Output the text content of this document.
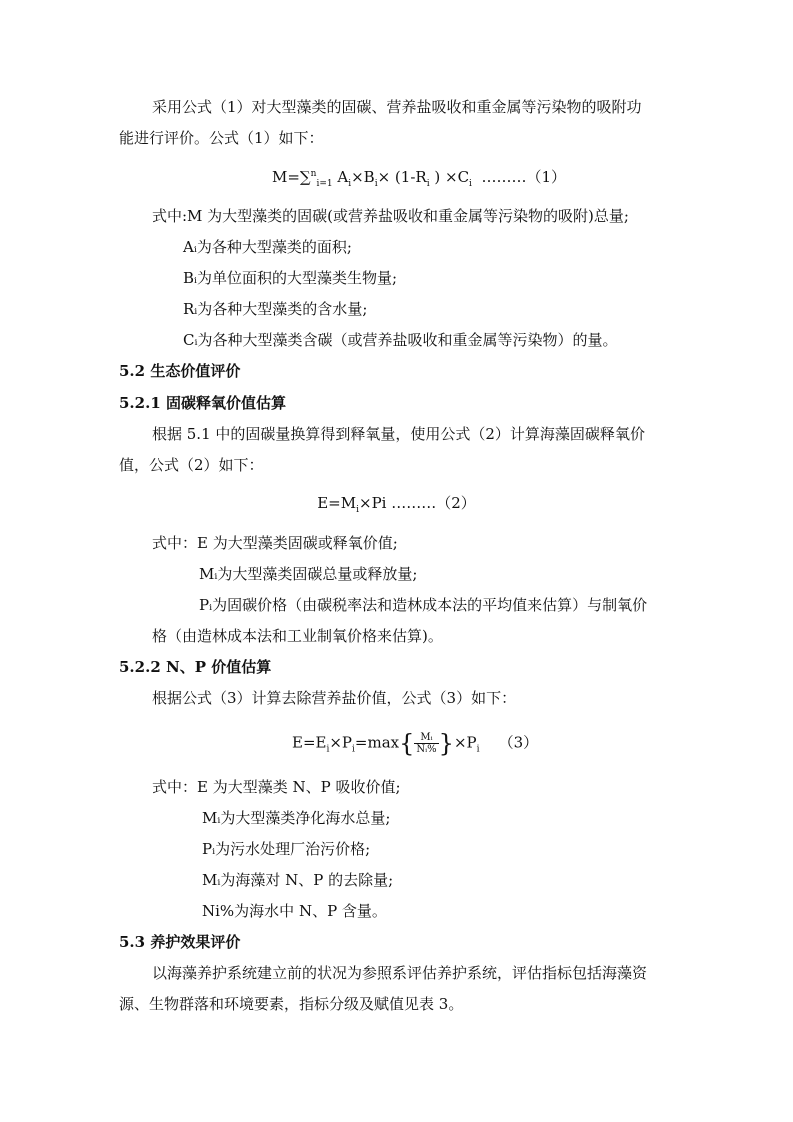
采用公式（1）对大型藻类的固碳、营养盐吸收和重金属等污染物的吸附功
能进行评价。公式（1）如下：
M=∑$^n_{i=1}$ $A_i\times B_i\times (1-R_i$ ) $\times C_i$ ………（1）
式中:M 为大型藻类的固碳(或营养盐吸收和重金属等污染物的吸附)总量;
Aᵢ为各种大型藻类的面积;
Bᵢ为单位面积的大型藻类生物量;
Rᵢ为各种大型藻类的含水量;
Cᵢ为各种大型藻类含碳（或营养盐吸收和重金属等污染物）的量。
5.2 生态价值评价
5.2.1 固碳释氧价值估算
根据 5.1 中的固碳量换算得到释氧量，使用公式（2）计算海藻固碳释氧价
值，公式（2）如下：
$E=M_i\times Pi$ ………（2）
式中：E 为大型藻类固碳或释氧价值;
Mᵢ为大型藻类固碳总量或释放量;
Pᵢ为固碳价格（由碳税率法和造林成本法的平均值来估算）与制氧价
格（由造林成本法和工业制氧价格来估算)。
5.2.2 N、P 价值估算
根据公式（3）计算去除营养盐价值，公式（3）如下：
$E=E_i\times P_i=\max\{ \frac{\text{Mᵢ}}{\text{Nᵢ\%}} \}\times P_i$ （3）
式中：E 为大型藻类 N、P 吸收价值;
Mᵢ为大型藻类净化海水总量;
Pᵢ为污水处理厂治污价格;
Mᵢ为海藻对 N、P 的去除量;
Ni%为海水中 N、P 含量。
5.3 养护效果评价
以海藻养护系统建立前的状况为参照系评估养护系统，评估指标包括海藻资
源、生物群落和环境要素，指标分级及赋值见表 3。
